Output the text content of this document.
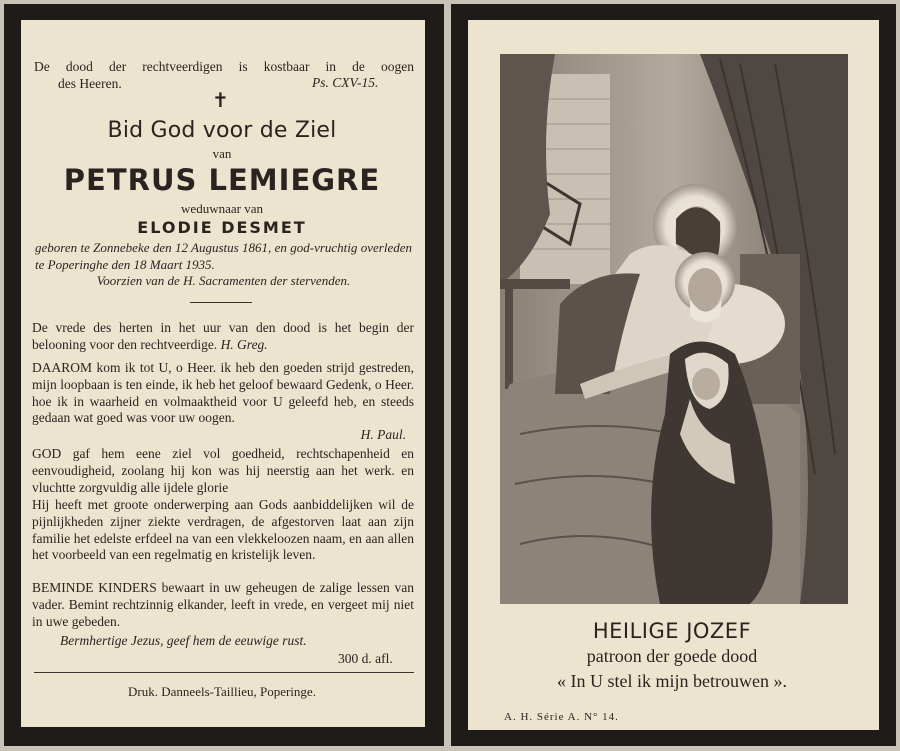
De dood der rechtveerdigen is kostbaar in de oogen
des Heeren.	Ps. CXV-15.
✝
Bid God voor de Ziel
van
PETRUS LEMIEGRE
weduwnaar van
ELODIE DESMET
geboren te Zonnebeke den 12 Augustus 1861, en god-vruchtig overleden te Poperinghe den 18 Maart 1935.
Voorzien van de H. Sacramenten der stervenden.
De vrede des herten in het uur van den dood is het begin der belooning voor den rechtveerdige. H. Greg.
DAAROM kom ik tot U, o Heer. ik heb den goeden strijd gestreden, mijn loopbaan is ten einde, ik heb het geloof bewaard Gedenk, o Heer. hoe ik in waarheid en volmaaktheid voor U geleefd heb, en steeds gedaan wat goed was voor uw oogen.
H. Paul.
GOD gaf hem eene ziel vol goedheid, rechtschapenheid en eenvoudigheid, zoolang hij kon was hij neerstig aan het werk. en vluchtte zorgvuldig alle ijdele glorie
Hij heeft met groote onderwerping aan Gods aanbiddelijken wil de pijnlijkheden zijner ziekte verdragen, de afgestorven laat aan zijn familie het edelste erfdeel na van een vlekkeloozen naam, en aan allen het voorbeeld van een regelmatig en kristelijk leven.
BEMINDE KINDERS bewaart in uw geheugen de zalige lessen van vader. Bemint rechtzinnig elkander, leeft in vrede, en vergeet mij niet in uwe gebeden.
Bermhertige Jezus, geef hem de eeuwige rust.
300 d. afl.
Druk. Danneels-Taillieu, Poperinge.
HEILIGE JOZEF
patroon der goede dood
« In U stel ik mijn betrouwen ».
A. H. Série A. N° 14.
